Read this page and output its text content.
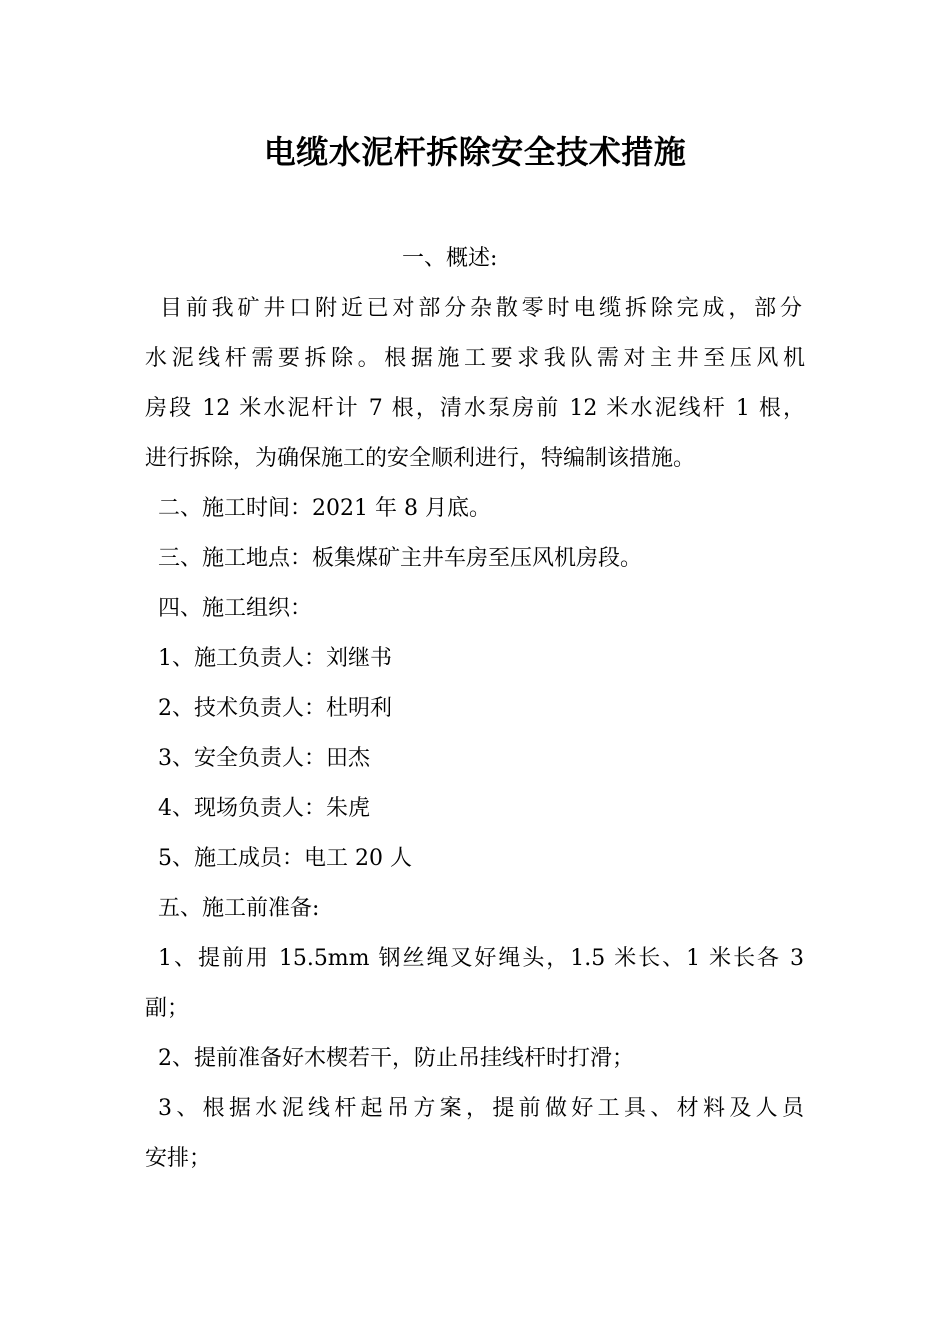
电缆水泥杆拆除安全技术措施
一、概述:
目前我矿井口附近已对部分杂散零时电缆拆除完成，部分
水泥线杆需要拆除。根据施工要求我队需对主井至压风机
房段 12 米水泥杆计 7 根，清水泵房前 12 米水泥线杆 1 根，
进行拆除，为确保施工的安全顺利进行，特编制该措施。
二、施工时间：2021 年 8 月底。
三、施工地点：板集煤矿主井车房至压风机房段。
四、施工组织：
1、施工负责人：刘继书
2、技术负责人：杜明利
3、安全负责人：田杰
4、现场负责人：朱虎
5、施工成员：电工 20 人
五、施工前准备:
1、提前用 15.5mm 钢丝绳叉好绳头，1.5 米长、1 米长各 3
副；
2、提前准备好木楔若干，防止吊挂线杆时打滑；
3、根据水泥线杆起吊方案，提前做好工具、材料及人员
安排；
